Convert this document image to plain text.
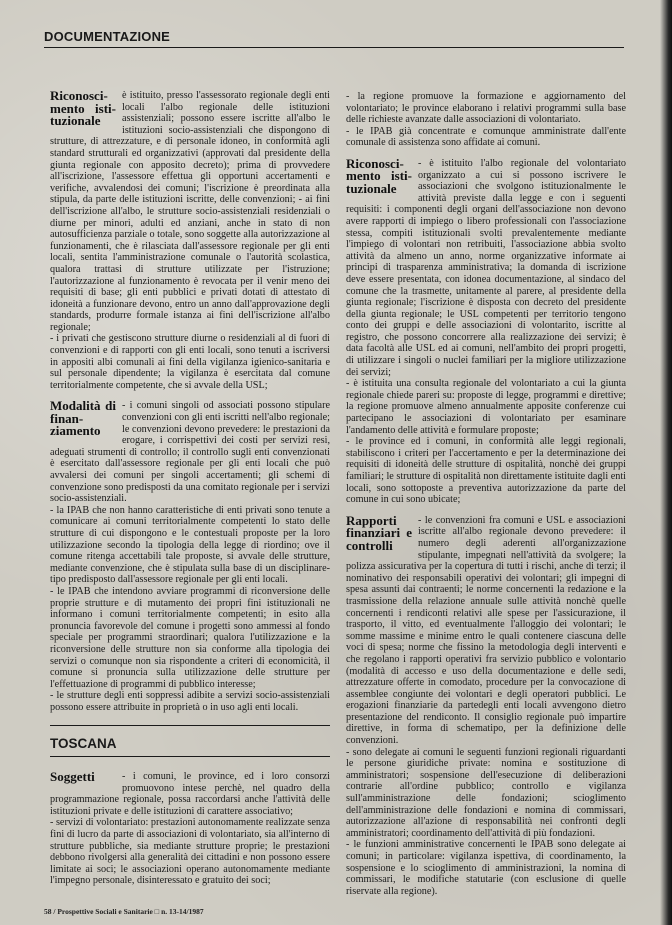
DOCUMENTAZIONE
Riconosci-mento isti-tuzionale

è istituito, presso l'assessorato regionale degli enti locali l'albo regionale delle istituzioni assistenziali; possono essere iscritte all'albo le istituzioni socio-assistenziali che dispongono di strutture, di attrezzature, e di personale idoneo, in conformità agli standard strutturali ed organizzativi (approvati dal presidente della giunta regionale con apposito decreto); prima di provvedere all'iscrizione, l'assessore effettua gli opportuni accertamenti e verifiche, avvalendosi dei comuni; l'iscrizione è preordinata alla stipula, da parte delle istituzioni iscritte, delle convenzioni; - ai fini dell'iscrizione all'albo, le strutture socio-assistenziali residenziali o diurne per minori, adulti ed anziani, anche in stato di non autosufficienza parziale o totale, sono soggette alla autorizzazione al funzionamenti, che è rilasciata dall'assessore regionale per gli enti locali, sentita l'amministrazione comunale o l'autorità scolastica, qualora trattasi di strutture utilizzate per l'istruzione; l'autorizzazione al funzionamento è revocata per il venir meno dei requisiti di base; gli enti pubblici e privati dotati di attestato di idoneità a funzionare devono, entro un anno dall'approvazione degli standards, produrre formale istanza ai fini dell'iscrizione all'albo regionale;

- i privati che gestiscono strutture diurne o residenziali al di fuori di convenzioni e di rapporti con gli enti locali, sono tenuti a iscriversi in appositi albi comunali ai fini della vigilanza igienico-sanitaria e sul personale dipendente; la vigilanza è esercitata dal comune territorialmente competente, che si avvale della USL;

Modalità di finan-ziamento

- i comuni singoli od associati possono stipulare convenzioni con gli enti iscritti nell'albo regionale; le convenzioni devono prevedere: le prestazioni da erogare, i corrispettivi dei costi per servizi resi, adeguati strumenti di controllo; il controllo sugli enti convenzionati è esercitato dall'assessore regionale per gli enti locali che può avvalersi dei comuni per singoli accertamenti; gli schemi di convenzione sono predisposti da una comitato regionale per i servizi socio-assistenziali.

- la IPAB che non hanno caratteristiche di enti privati sono tenute a comunicare ai comuni territorialmente competenti lo stato delle strutture di cui dispongono e le contestuali proposte per la loro utilizzazione secondo la tipologia della legge di riordino; ove il comune ritenga accettabili tale proposte, si avvale delle strutture, mediante convenzione, che è stipulata sulla base di un disciplinare-tipo predisposto dall'assessore regionale per gli enti locali.

- le IPAB che intendono avviare programmi di riconversione delle proprie strutture e di mutamento dei propri fini istituzionali ne informano i comuni territorialmente competenti; in esito alla pronuncia favorevole del comune i progetti sono ammessi al fondo speciale per programmi straordinari; qualora l'utilizzazione e la riconversione delle strutture non sia conforme alla tipologia dei servizi o comunque non sia rispondente a criteri di economicità, il comune si pronuncia sulla utilizzazione delle strutture per l'effettuazione di programmi di pubblico interesse;

- le strutture degli enti soppressi adibite a servizi socio-assistenziali possono essere attribuite in proprietà o in uso agli enti locali.

TOSCANA
Soggetti	- i comuni, le province, ed i loro consorzi promuovono intese perchè, nel quadro della programmazione regionale, possa raccordarsi anche l'attività delle istituzioni private e delle istituzioni di carattere associativo;

- servizi di volontariato: prestazioni autonomamente realizzate senza fini di lucro da parte di associazioni di volontariato, sia all'interno di strutture pubbliche, sia mediante strutture proprie; le prestazioni debbono rivolgersi alla generalità dei cittadini e non possono essere limitate ai soci; le associazioni operano autonomamente mediante l'impegno personale, disinteressato e gratuito dei soci;

- la regione promuove la formazione e aggiornamento del volontariato; le province elaborano i relativi programmi sulla base delle richieste avanzate dalle associazioni di volontariato.

- le IPAB già concentrate e comunque amministrate dall'ente comunale di assistenza sono affidate ai comuni.

Riconosci-mento isti-tuzionale

- è istituito l'albo regionale del volontariato organizzato a cui si possono iscrivere le associazioni che svolgono istituzionalmente le attività previste dalla legge e con i seguenti requisiti: i componenti degli organi dell'associazione non devono avere rapporti di impiego o libero professionali con l'associazione stessa, compiti istituzionali svolti prevalentemente mediante l'impiego di volontari non retribuiti, l'associazione abbia svolto attività da almeno un anno, norme organizzative informate ai principi di trasparenza amministrativa; la domanda di iscrizione deve essere presentata, con idonea documentazione, al sindaco del comune che la trasmette, unitamente al parere, al presidente della giunta regionale; l'iscrizione è disposta con decreto del presidente della giunta regionale; le USL competenti per territorio tengono conto dei gruppi e delle associazioni di volontarito, iscritte al registro, che possono concorrere alla realizzazione dei servizi; è data facoltà alle USL ed ai comuni, nell'ambito dei propri progetti, di utilizzare i singoli o nuclei familiari per la migliore utilizzazione dei servizi;

- è istituita una consulta regionale del volontariato a cui la giunta regionale chiede pareri su: proposte di legge, programmi e direttive; la regione promuove almeno annualmente apposite conferenze cui partecipano le associazioni di volontariato per esaminare l'andamento delle attività e formulare proposte;

- le province ed i comuni, in conformità alle leggi regionali, stabiliscono i criteri per l'accertamento e per la determinazione dei requisiti di idoneità delle strutture di ospitalità, nonchè dei gruppi familiari; le strutture di ospitalità non direttamente istituite dagli enti locali, sono sottoposte a preventiva autorizzazione da parte del comune in cui sono ubicate;

Rapporti finanziari e controlli

- le convenzioni fra comuni e USL e associazioni iscritte all'albo regionale devono prevedere: il numero degli aderenti all'organizzazione stipulante, impegnati nell'attività da svolgere; la polizza assicurativa per la copertura di tutti i rischi, anche di terzi; il nominativo dei responsabili operativi dei volontari; gli impegni di spesa assunti dai contraenti; le norme concernenti la redazione e la trasmissione della relazione annuale sulle attività nonchè quelle concernenti i rendiconti relativi alle spese per l'assicurazione, il trasporto, il vitto, ed eventualmente l'alloggio dei volontari; le somme massime e minime entro le quali contenere ciascuna delle voci di spesa; norme che fissino la metodologia degli interventi e che regolano i rapporti operativi fra servizio pubblico e volontario (modalità di accesso e uso della documentazione e delle sedi, attrezzature offerte in comodato, procedure per la convocazione di assemblee congiunte dei volontari e degli operatori pubblici. Le erogazioni finanziarie da partedegli enti locali avvengono dietro presentazione del rendiconto. Il consiglio regionale può impartire direttive, in forma di schematipo, per la definizione delle convenzioni.

- sono delegate ai comuni le seguenti funzioni regionali riguardanti le persone giuridiche private: nomina e sostituzione di amministratori; sospensione dell'esecuzione di deliberazioni contrarie all'ordine pubblico; controllo e vigilanza sull'amministrazione delle fondazioni; scioglimento dell'amministrazione delle fondazioni e nomina di commissari, autorizzazione all'azione di responsabilità nei confronti degli amministratori; coordinamento dell'attività di più fondazioni.

- le funzioni amministrative concernenti le IPAB sono delegate ai comuni; in particolare: vigilanza ispettiva, di coordinamento, la sospensione e lo scioglimento di amministrazioni, la nomina di commissari, le modifiche statutarie (con esclusione di quelle riservate alla regione).

58 / Prospettive Sociali e Sanitarie □ n. 13-14/1987
